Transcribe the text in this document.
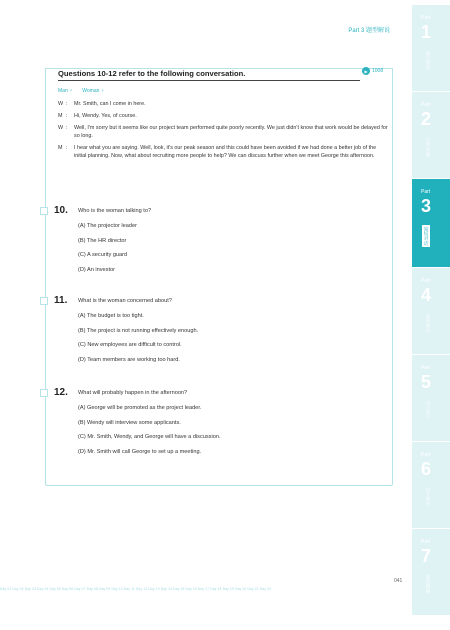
Part 3 题型解说
Questions 10-12 refer to the following conversation.	▶ 1008
Man ♂ Woman ♀
W :	Mr. Smith, can I come in here.
M :	Hi, Wendy. Yes, of course.
W :	Well, I'm sorry but it seems like our project team performed quite poorly recently. We just didn't know that work would be delayed for so long.
M :	I hear what you are saying. Well, look, it's our peak season and this could have been avoided if we had done a better job of the initial planning. Now, what about recruiting more people to help? We can discuss further when we meet George this afternoon.
10. Who is the woman talking to?
(A) The projector leader
(B) The HR director
(C) A security guard
(D) An investor
11. What is the woman concerned about?
(A) The budget is too tight.
(B) The project is not running effectively enough.
(C) New employees are difficult to control.
(D) Team members are working too hard.
12. What will probably happen in the afternoon?
(A) George will be promoted as the project leader.
(B) Wendy will interview some applicants.
(C) Mr. Smith, Wendy, and George will have a discussion.
(D) Mr. Smith will call George to set up a meeting.
041
Day 01 Day 02 Day 03 Day 04 Day 05 Day 06 Day 07 Day 08 Day 09 Day 10 Day 11 Day 12 Day 13 Day 14 Day 15 Day 16 Day 17 Day 18 Day 19 Day 20 Day 21 Day 22
Part
1
图片描述
Part
2
应答问题
Part
3
简短对话
Part
4
简短独白
Part
5
句子填空
Part
6
短文填空
Part
7
阅读理解
